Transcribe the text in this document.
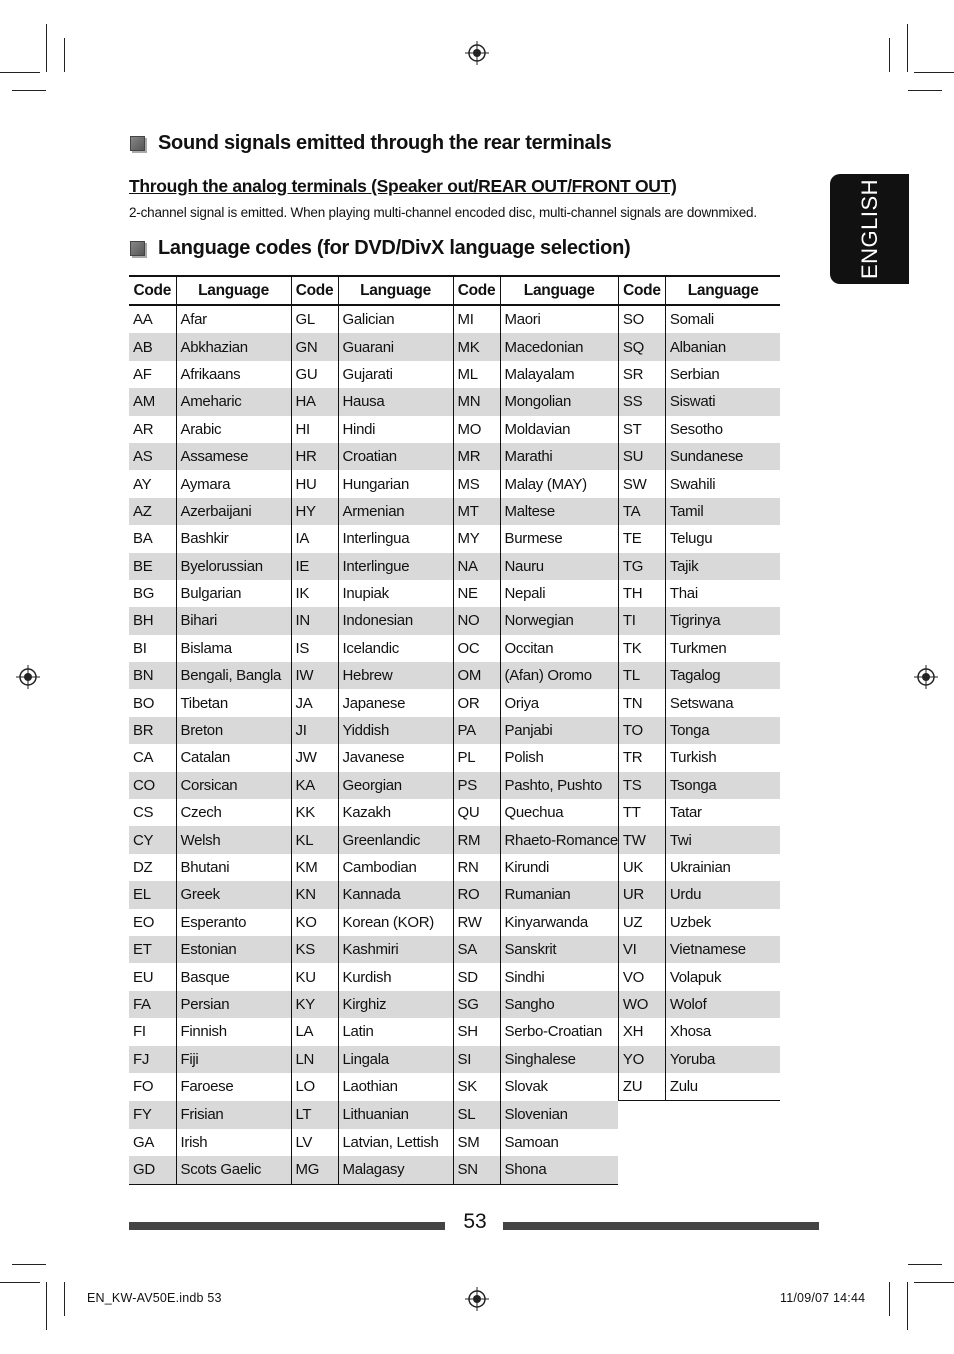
ENGLISH
Sound signals emitted through the rear terminals
Through the analog terminals (Speaker out/REAR OUT/FRONT OUT)
2-channel signal is emitted. When playing multi-channel encoded disc, multi-channel signals are downmixed.
Language codes (for DVD/DivX language selection)
Code	Language	Code	Language	Code	Language	Code	Language
AA	Afar	GL	Galician	MI	Maori	SO	Somali
AB	Abkhazian	GN	Guarani	MK	Macedonian	SQ	Albanian
AF	Afrikaans	GU	Gujarati	ML	Malayalam	SR	Serbian
AM	Ameharic	HA	Hausa	MN	Mongolian	SS	Siswati
AR	Arabic	HI	Hindi	MO	Moldavian	ST	Sesotho
AS	Assamese	HR	Croatian	MR	Marathi	SU	Sundanese
AY	Aymara	HU	Hungarian	MS	Malay (MAY)	SW	Swahili
AZ	Azerbaijani	HY	Armenian	MT	Maltese	TA	Tamil
BA	Bashkir	IA	Interlingua	MY	Burmese	TE	Telugu
BE	Byelorussian	IE	Interlingue	NA	Nauru	TG	Tajik
BG	Bulgarian	IK	Inupiak	NE	Nepali	TH	Thai
BH	Bihari	IN	Indonesian	NO	Norwegian	TI	Tigrinya
BI	Bislama	IS	Icelandic	OC	Occitan	TK	Turkmen
BN	Bengali, Bangla	IW	Hebrew	OM	(Afan) Oromo	TL	Tagalog
BO	Tibetan	JA	Japanese	OR	Oriya	TN	Setswana
BR	Breton	JI	Yiddish	PA	Panjabi	TO	Tonga
CA	Catalan	JW	Javanese	PL	Polish	TR	Turkish
CO	Corsican	KA	Georgian	PS	Pashto, Pushto	TS	Tsonga
CS	Czech	KK	Kazakh	QU	Quechua	TT	Tatar
CY	Welsh	KL	Greenlandic	RM	Rhaeto-Romance	TW	Twi
DZ	Bhutani	KM	Cambodian	RN	Kirundi	UK	Ukrainian
EL	Greek	KN	Kannada	RO	Rumanian	UR	Urdu
EO	Esperanto	KO	Korean (KOR)	RW	Kinyarwanda	UZ	Uzbek
ET	Estonian	KS	Kashmiri	SA	Sanskrit	VI	Vietnamese
EU	Basque	KU	Kurdish	SD	Sindhi	VO	Volapuk
FA	Persian	KY	Kirghiz	SG	Sangho	WO	Wolof
FI	Finnish	LA	Latin	SH	Serbo-Croatian	XH	Xhosa
FJ	Fiji	LN	Lingala	SI	Singhalese	YO	Yoruba
FO	Faroese	LO	Laothian	SK	Slovak	ZU	Zulu
FY	Frisian	LT	Lithuanian	SL	Slovenian		
GA	Irish	LV	Latvian, Lettish	SM	Samoan		
GD	Scots Gaelic	MG	Malagasy	SN	Shona		
53
EN_KW-AV50E.indb 53	11/09/07 14:44
